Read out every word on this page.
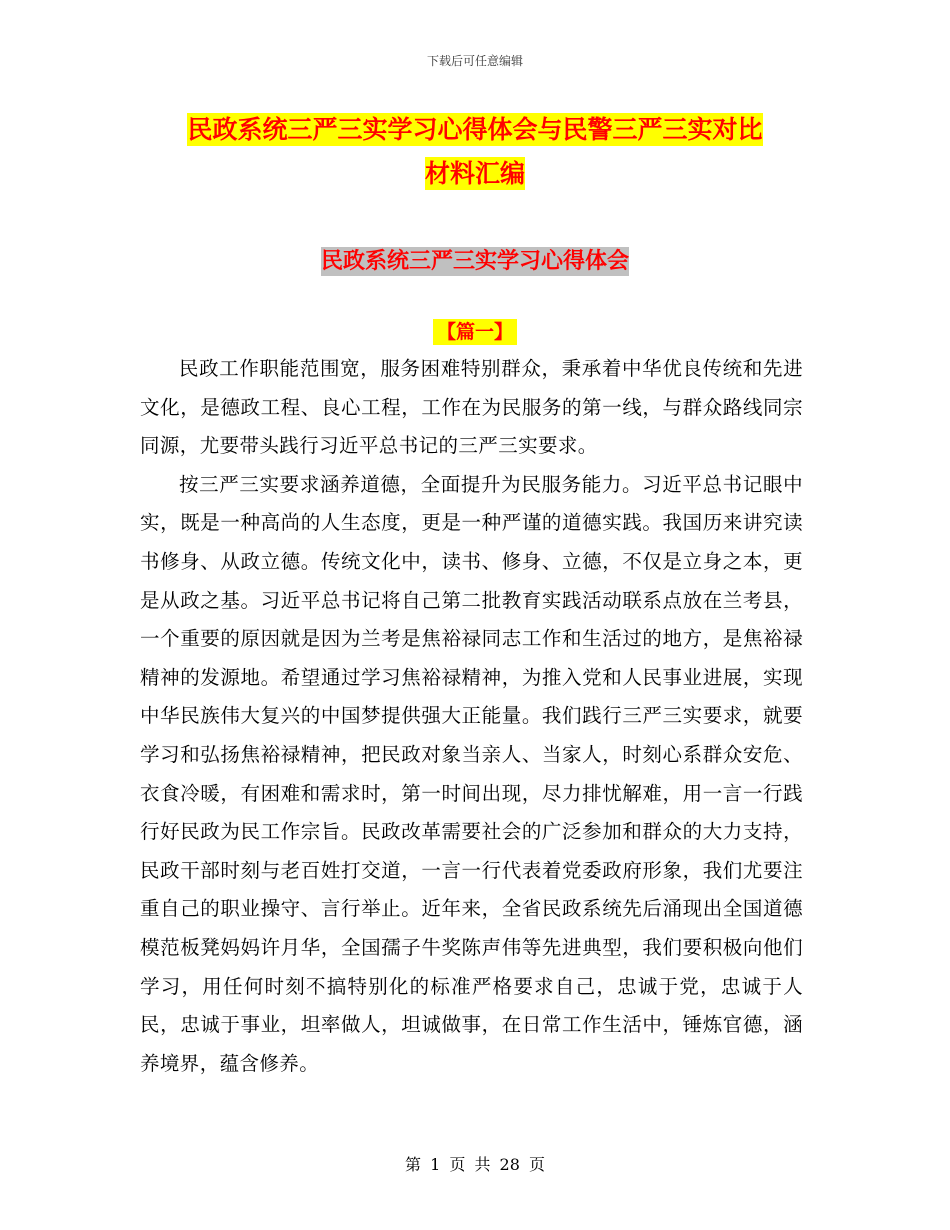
下载后可任意编辑
民政系统三严三实学习心得体会与民警三严三实对比
材料汇编
民政系统三严三实学习心得体会
【篇一】

民政工作职能范围宽，服务困难特别群众，秉承着中华优良传统和先进文化，是德政工程、良心工程，工作在为民服务的第一线，与群众路线同宗同源，尤要带头践行习近平总书记的三严三实要求。

按三严三实要求涵养道德，全面提升为民服务能力。习近平总书记眼中实，既是一种高尚的人生态度，更是一种严谨的道德实践。我国历来讲究读书修身、从政立德。传统文化中，读书、修身、立德，不仅是立身之本，更是从政之基。习近平总书记将自己第二批教育实践活动联系点放在兰考县，一个重要的原因就是因为兰考是焦裕禄同志工作和生活过的地方，是焦裕禄精神的发源地。希望通过学习焦裕禄精神，为推入党和人民事业进展，实现中华民族伟大复兴的中国梦提供强大正能量。我们践行三严三实要求，就要学习和弘扬焦裕禄精神，把民政对象当亲人、当家人，时刻心系群众安危、衣食冷暖，有困难和需求时，第一时间出现，尽力排忧解难，用一言一行践行好民政为民工作宗旨。民政改革需要社会的广泛参加和群众的大力支持，民政干部时刻与老百姓打交道，一言一行代表着党委政府形象，我们尤要注重自己的职业操守、言行举止。近年来，全省民政系统先后涌现出全国道德模范板凳妈妈许月华，全国孺子牛奖陈声伟等先进典型，我们要积极向他们学习，用任何时刻不搞特别化的标准严格要求自己，忠诚于党，忠诚于人民，忠诚于事业，坦率做人，坦诚做事，在日常工作生活中，锤炼官德，涵养境界，蕴含修养。

第 1 页 共 28 页
